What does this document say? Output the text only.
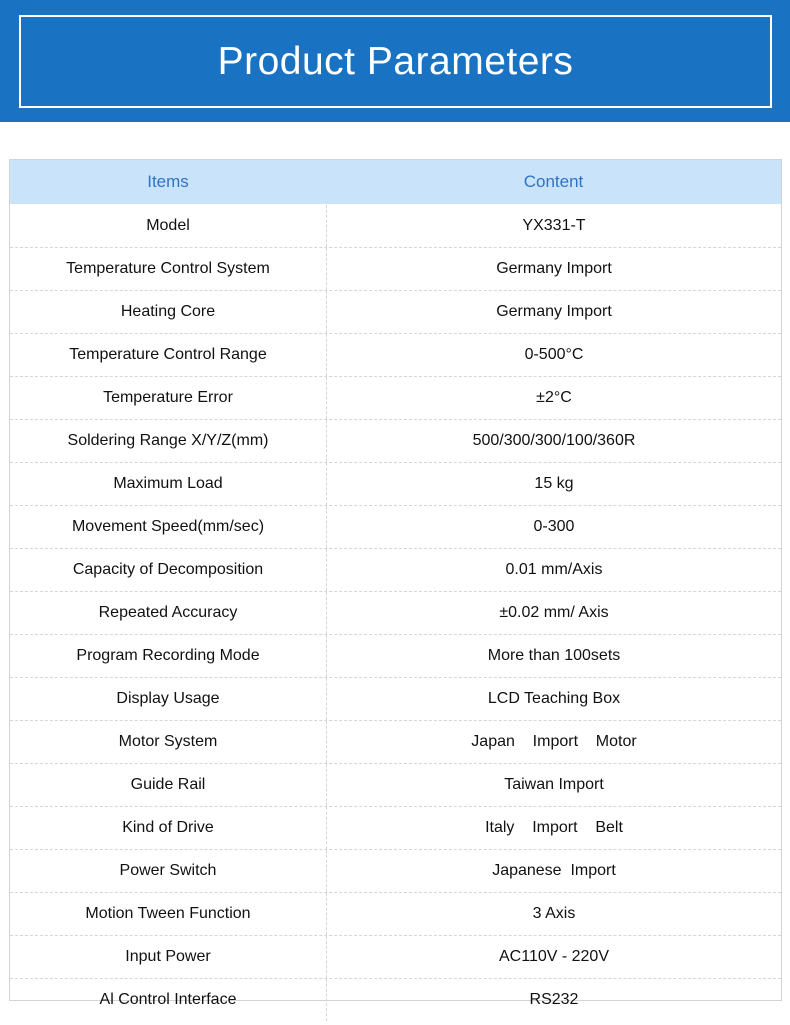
Product Parameters
Items	Content
Model	YX331-T
Temperature Control System	Germany Import
Heating Core	Germany Import
Temperature Control Range	0-500°C
Temperature Error	±2°C
Soldering Range X/Y/Z(mm)	500/300/300/100/360R
Maximum Load	15 kg
Movement Speed(mm/sec)	0-300
Capacity of Decomposition	0.01 mm/Axis
Repeated Accuracy	±0.02 mm/ Axis
Program Recording Mode	More than 100sets
Display Usage	LCD Teaching Box
Motor System	Japan    Import    Motor
Guide Rail	Taiwan Import
Kind of Drive	Italy    Import    Belt
Power Switch	Japanese  Import
Motion Tween Function	3 Axis
Input Power	AC110V - 220V
Al Control Interface	RS232
